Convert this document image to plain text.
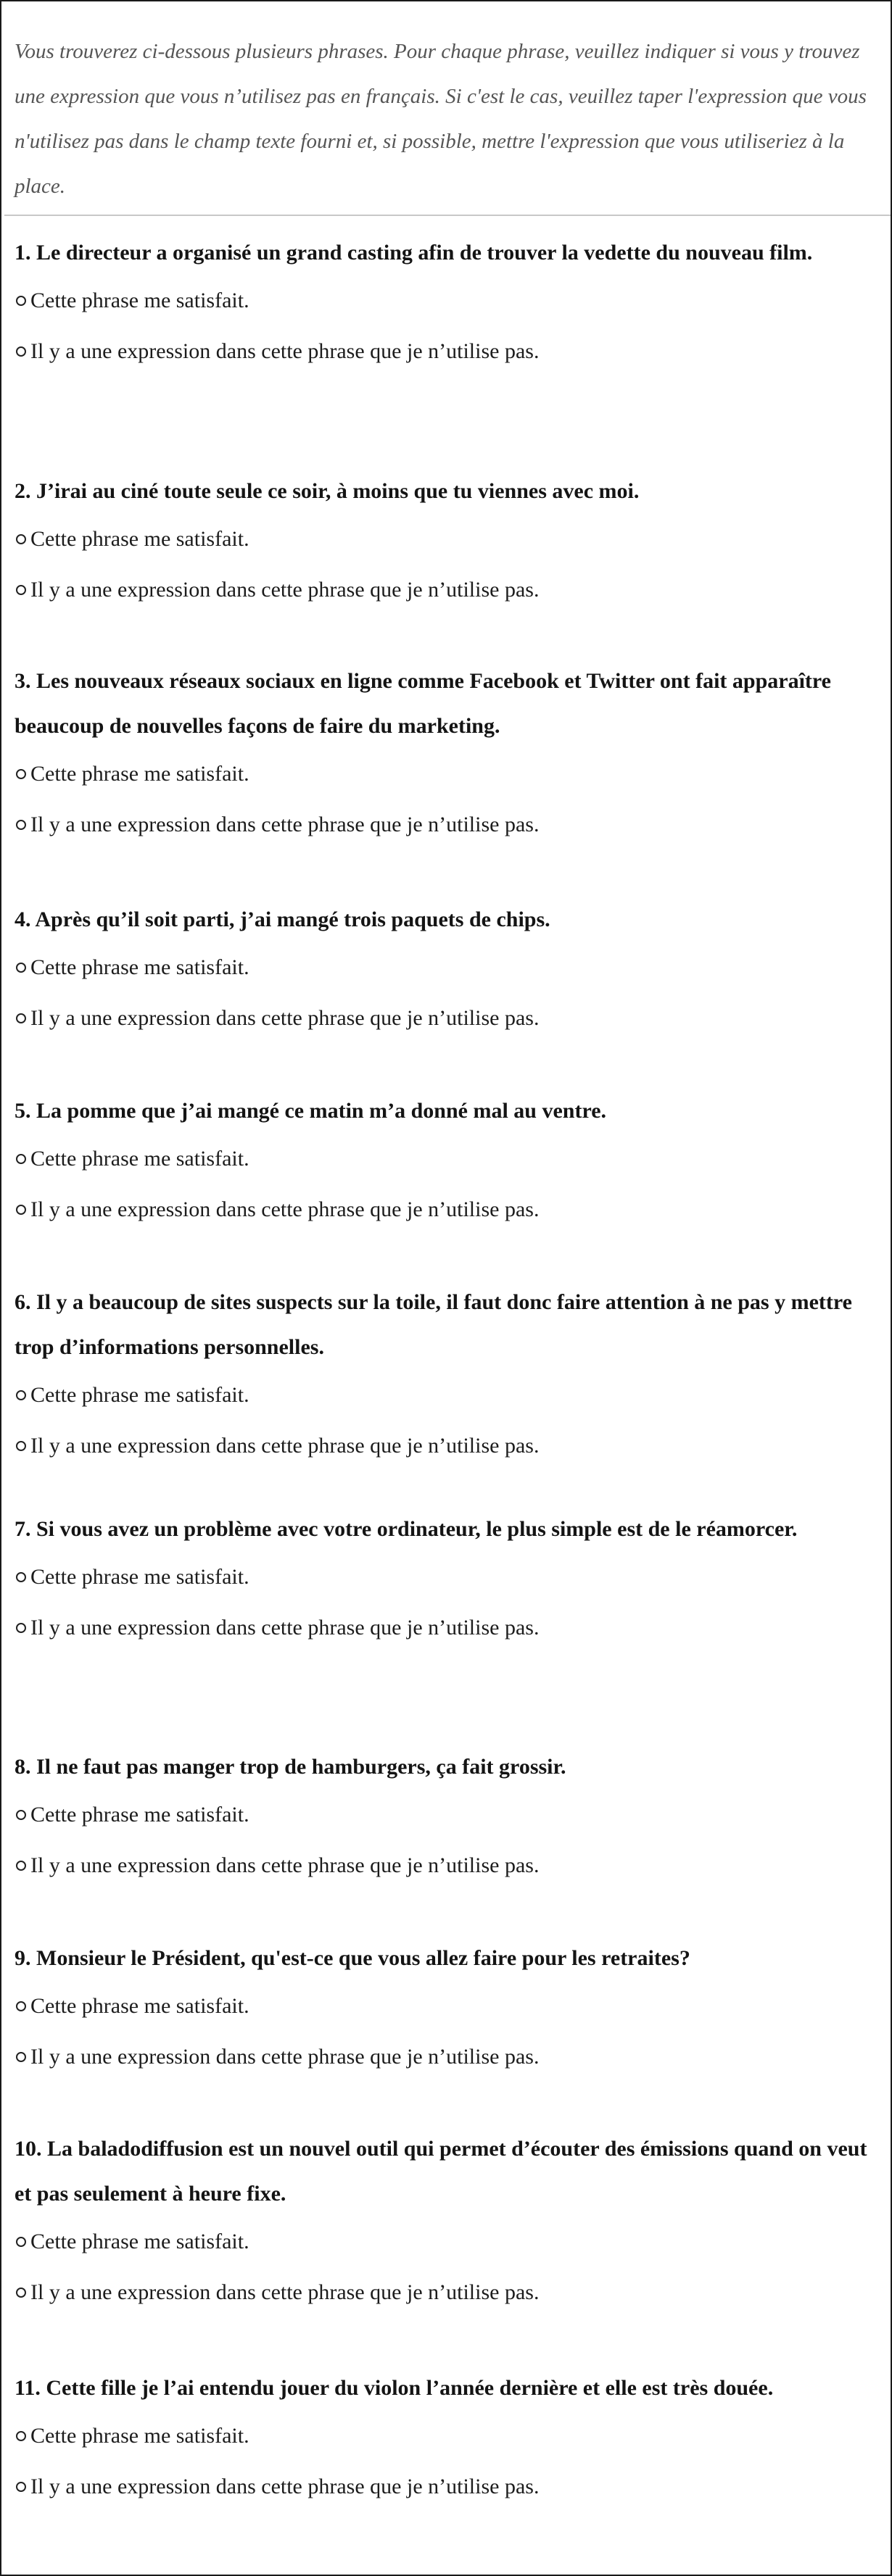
Vous trouverez ci-dessous plusieurs phrases. Pour chaque phrase, veuillez indiquer si vous y trouvez une expression que vous n’utilisez pas en français. Si c'est le cas, veuillez taper l'expression que vous n'utilisez pas dans le champ texte fourni et, si possible, mettre l'expression que vous utiliseriez à la place.

1. Le directeur a organisé un grand casting afin de trouver la vedette du nouveau film.

Cette phrase me satisfait.
Il y a une expression dans cette phrase que je n’utilise pas.

2. J’irai au ciné toute seule ce soir, à moins que tu viennes avec moi.

Cette phrase me satisfait.
Il y a une expression dans cette phrase que je n’utilise pas.

3. Les nouveaux réseaux sociaux en ligne comme Facebook et Twitter ont fait apparaître beaucoup de nouvelles façons de faire du marketing.

Cette phrase me satisfait.
Il y a une expression dans cette phrase que je n’utilise pas.

4. Après qu’il soit parti, j’ai mangé trois paquets de chips.

Cette phrase me satisfait.
Il y a une expression dans cette phrase que je n’utilise pas.

5. La pomme que j’ai mangé ce matin m’a donné mal au ventre.

Cette phrase me satisfait.
Il y a une expression dans cette phrase que je n’utilise pas.

6. Il y a beaucoup de sites suspects sur la toile, il faut donc faire attention à ne pas y mettre trop d’informations personnelles.

Cette phrase me satisfait.
Il y a une expression dans cette phrase que je n’utilise pas.

7. Si vous avez un problème avec votre ordinateur, le plus simple est de le réamorcer.

Cette phrase me satisfait.
Il y a une expression dans cette phrase que je n’utilise pas.

8. Il ne faut pas manger trop de hamburgers, ça fait grossir.

Cette phrase me satisfait.
Il y a une expression dans cette phrase que je n’utilise pas.

9. Monsieur le Président, qu'est-ce que vous allez faire pour les retraites?

Cette phrase me satisfait.
Il y a une expression dans cette phrase que je n’utilise pas.

10. La baladodiffusion est un nouvel outil qui permet d’écouter des émissions quand on veut et pas seulement à heure fixe.

Cette phrase me satisfait.
Il y a une expression dans cette phrase que je n’utilise pas.

11. Cette fille je l’ai entendu jouer du violon l’année dernière et elle est très douée.

Cette phrase me satisfait.
Il y a une expression dans cette phrase que je n’utilise pas.
